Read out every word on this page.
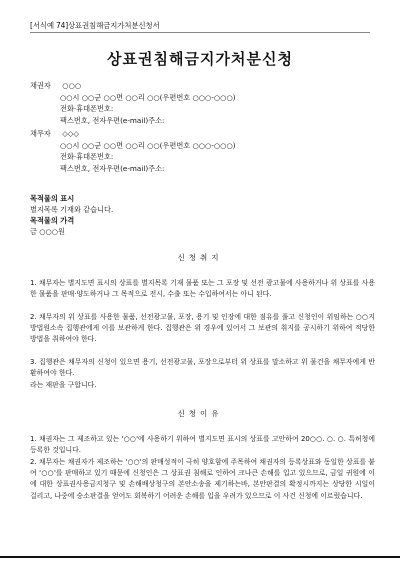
[서식예 74]상표권침해금지가처분신청서
상표권침해금지가처분신청
채권자 ○○○
○○시 ○○군 ○○면 ○○리 ○○(우편번호 ○○○-○○○)
전화·휴대폰번호:
팩스번호, 전자우편(e-mail)주소:
채무자 ◇◇◇
○○시 ○○군 ○○면 ○○리 ○○(우편번호 ○○○-○○○)
전화·휴대폰번호:
팩스번호, 전자우편(e-mail)주소:
목적물의 표시
별지목록 기재와 같습니다.
목적물의 가격
금 ○○○원
신청취지
1. 채무자는 별지도면 표시의 상표를 별지목록 기재 물품 또는 그 포장 및 선전 광고물에 사용하거나 위 상표를 사용한 물품을 판매·양도하거나 그 목적으로 전시, 수출 또는 수입하여서는 아니 된다.
2. 채무자의 위 상표를 사용한 물품, 선전광고물, 포장, 용기 및 인장에 대한 점유를 풀고 신청인이 위임하는 ○○지방법원소속 집행관에게 이를 보관하게 한다. 집행관은 위 경우에 있어서 그 보관의 취지를 공시하기 위하여 적당한 방법을 취하여야 한다.
3. 집행관은 채무자의 신청이 있으면 용기, 선전광고물, 포장으로부터 위 상표를 말소하고 위 물건을 채무자에게 반환하여야 한다.
라는 재판을 구합니다.
신청이유
1. 채권자는 그 제조하고 있는 '○○'에 사용하기 위하여 별지도면 표시의 상표를 고안하여 20○○. ○. ○. 특허청에 등록한 것입니다.
2. 채무자는 채권자가 제조하는 '○○'의 판매성적이 극히 양호함에 주목하여 채권자의 등록상표와 동일한 상표를 붙여 '○○'를 판매하고 있기 때문에 신청인은 그 상표권 침해로 인하여 크나큰 손해를 입고 있으므로, 금일 귀원에 이에 대한 상표권사용금지청구 및 손해배상청구의 본안소송을 제기하는바, 본안판결의 확정시까지는 상당한 시일이 걸리고, 나중에 승소판결을 얻어도 회복하기 어려운 손해를 입을 우려가 있으므로 이 사건 신청에 이르렀습니다.
